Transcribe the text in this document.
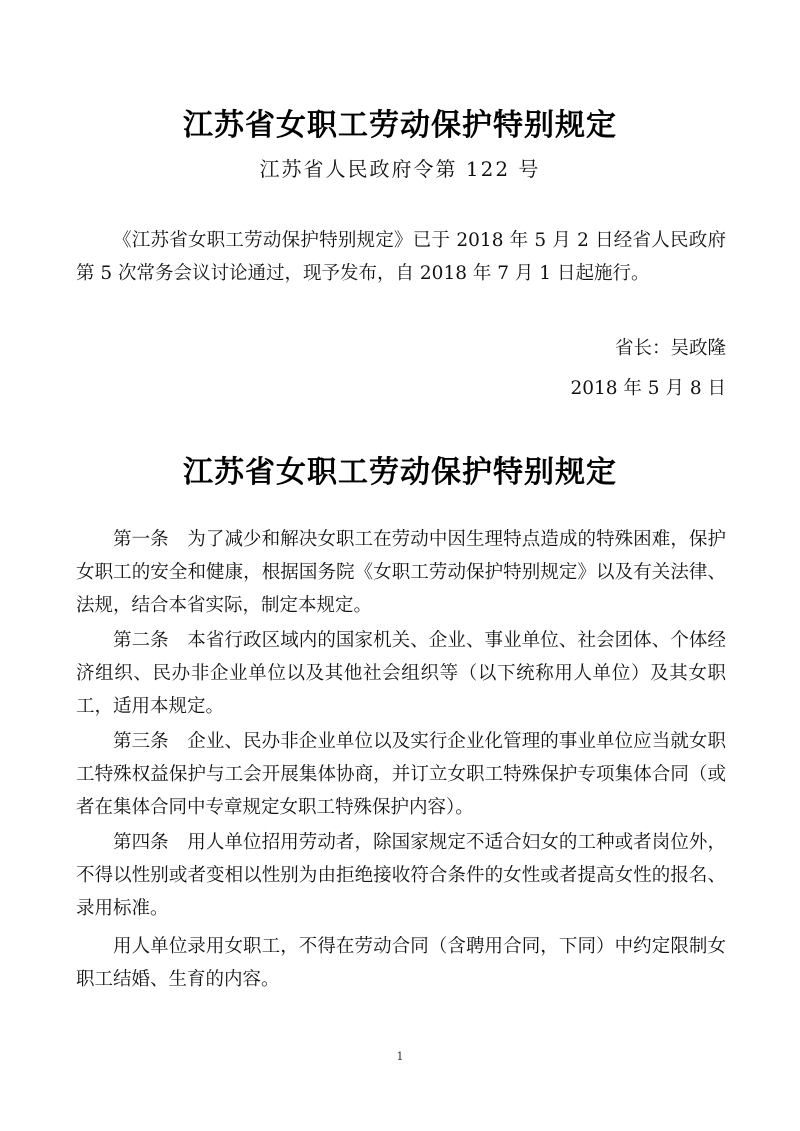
江苏省女职工劳动保护特别规定
江苏省人民政府令第 122 号

《江苏省女职工劳动保护特别规定》已于 2018 年 5 月 2 日经省人民政府第 5 次常务会议讨论通过，现予发布，自 2018 年 7 月 1 日起施行。

省长：吴政隆
2018 年 5 月 8 日
江苏省女职工劳动保护特别规定

第一条　为了减少和解决女职工在劳动中因生理特点造成的特殊困难，保护女职工的安全和健康，根据国务院《女职工劳动保护特别规定》以及有关法律、法规，结合本省实际，制定本规定。

第二条　本省行政区域内的国家机关、企业、事业单位、社会团体、个体经济组织、民办非企业单位以及其他社会组织等（以下统称用人单位）及其女职工，适用本规定。

第三条　企业、民办非企业单位以及实行企业化管理的事业单位应当就女职工特殊权益保护与工会开展集体协商，并订立女职工特殊保护专项集体合同（或者在集体合同中专章规定女职工特殊保护内容）。

第四条　用人单位招用劳动者，除国家规定不适合妇女的工种或者岗位外，不得以性别或者变相以性别为由拒绝接收符合条件的女性或者提高女性的报名、录用标准。

用人单位录用女职工，不得在劳动合同（含聘用合同，下同）中约定限制女职工结婚、生育的内容。

1
